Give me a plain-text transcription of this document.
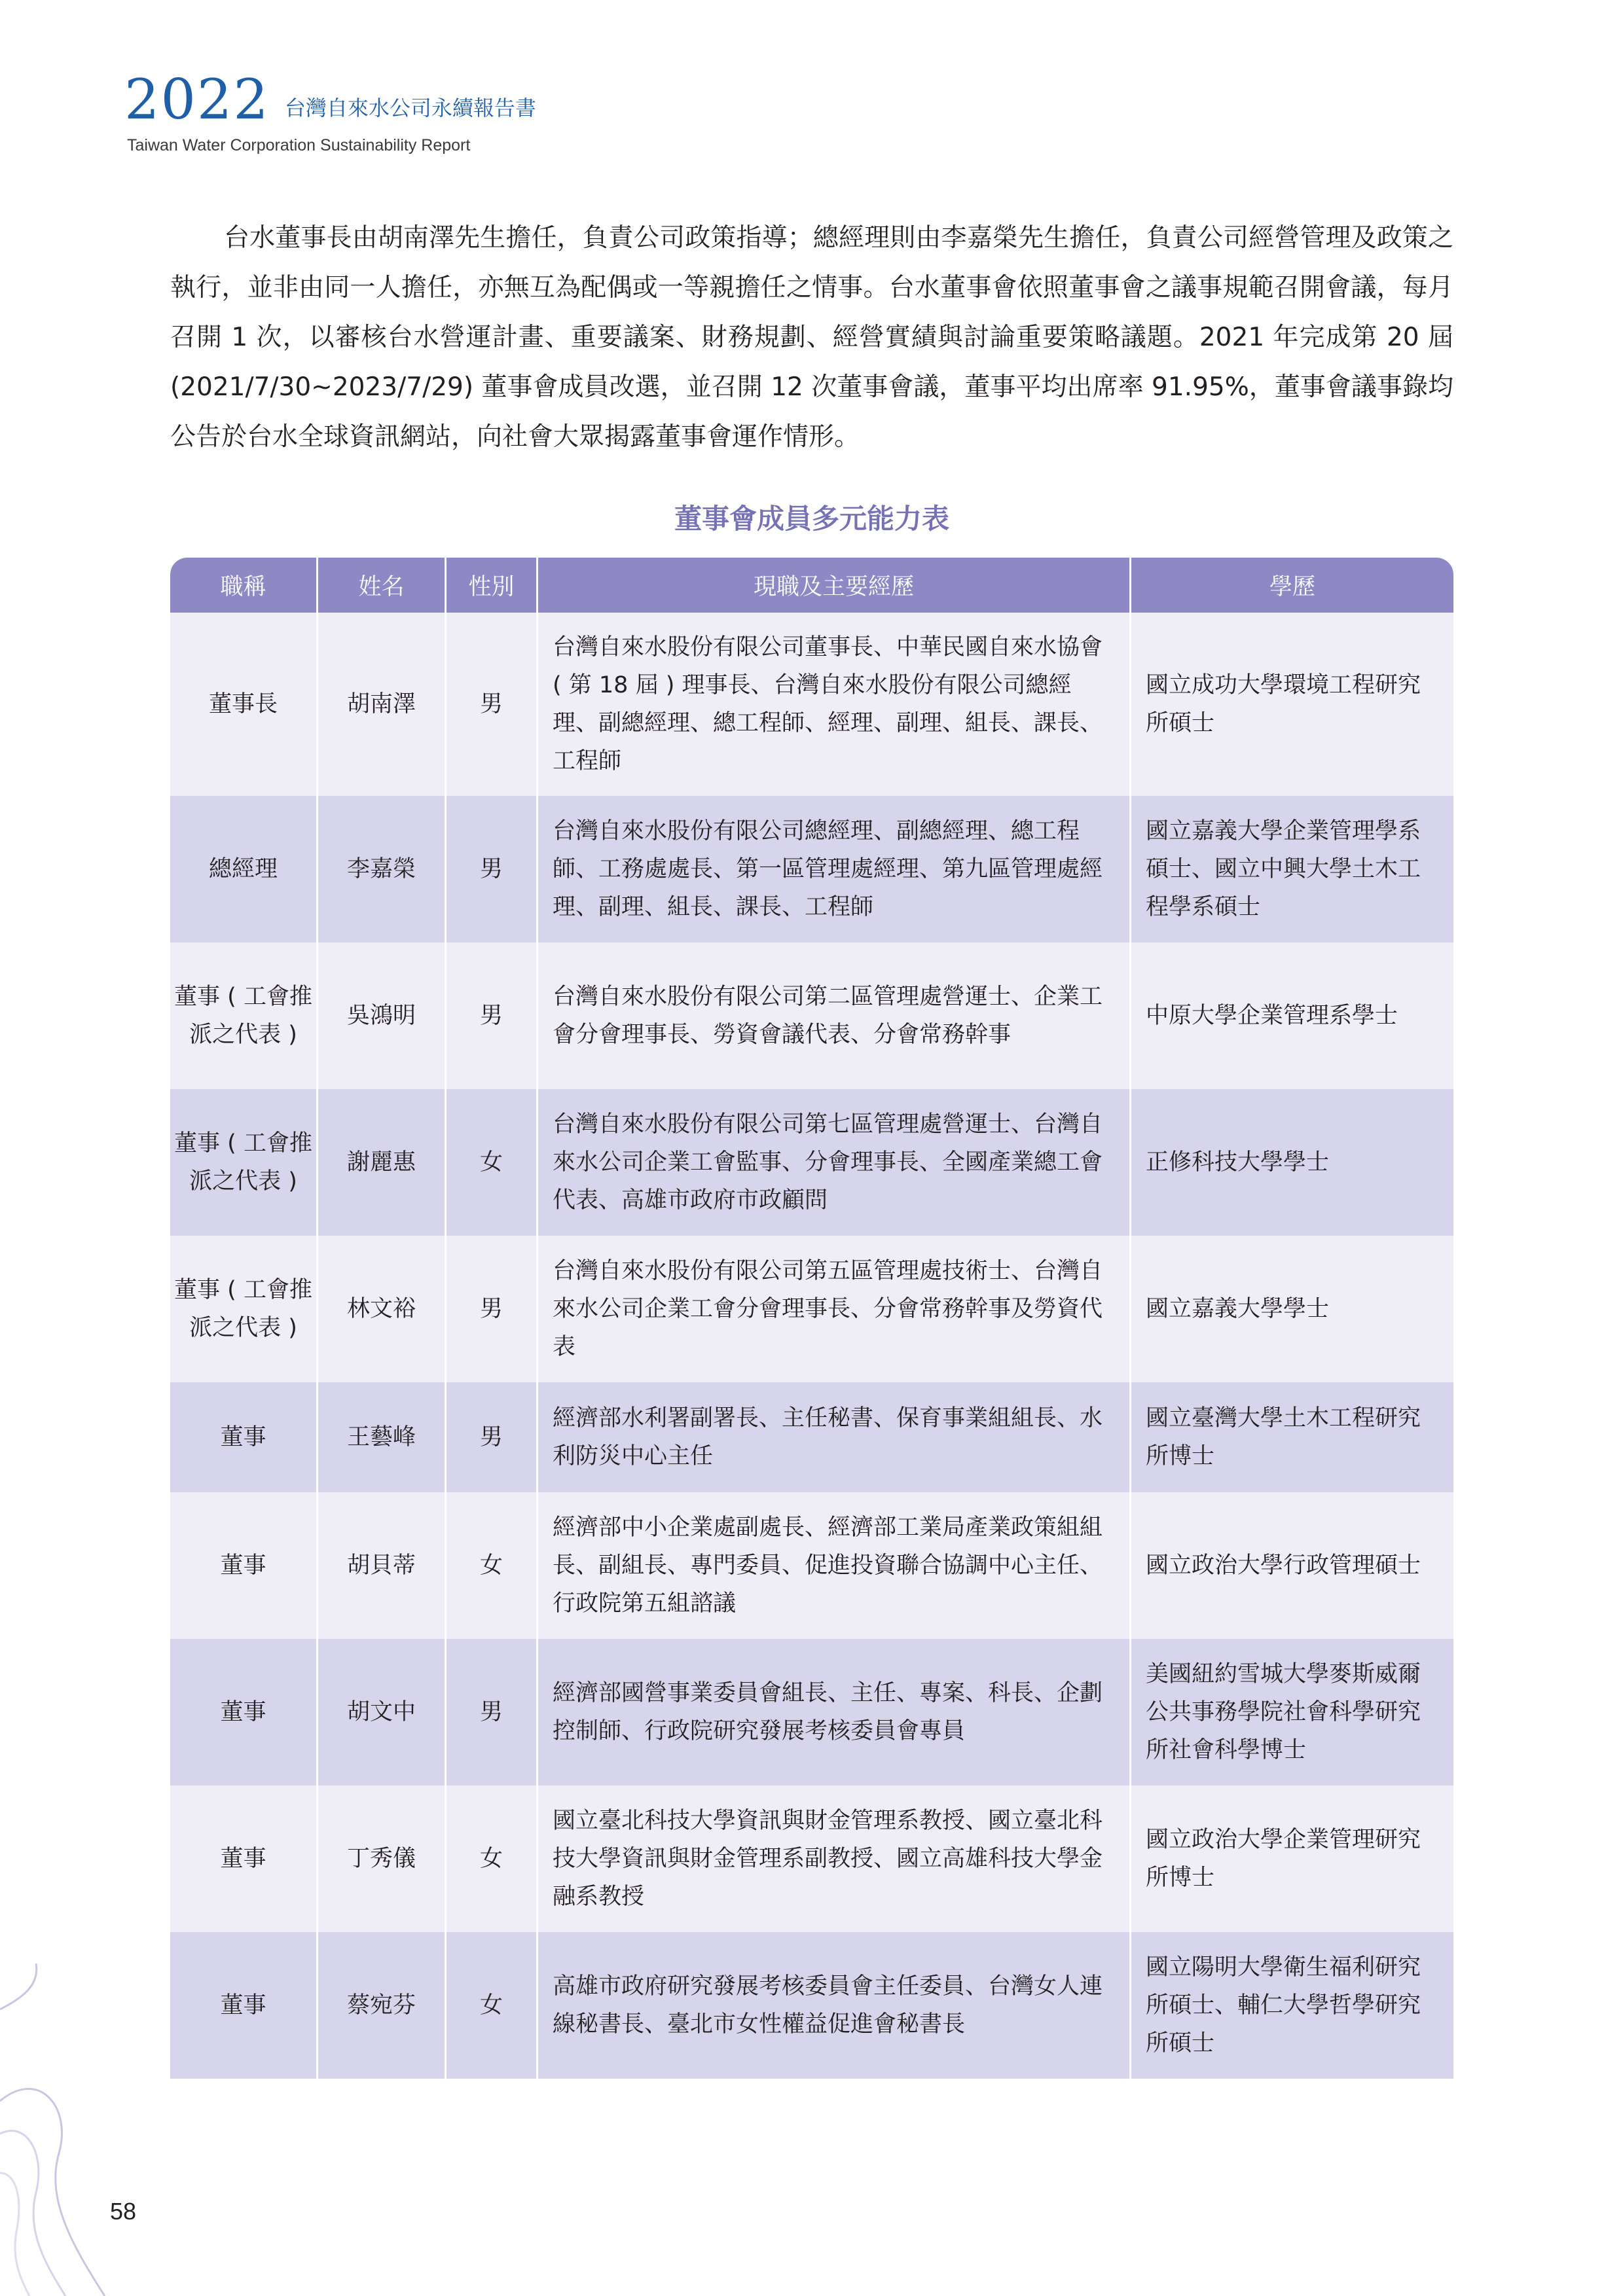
2022 台灣自來水公司永續報告書
Taiwan Water Corporation Sustainability Report

台水董事長由胡南澤先生擔任，負責公司政策指導；總經理則由李嘉榮先生擔任，負責公司經營管理及政策之執行，並非由同一人擔任，亦無互為配偶或一等親擔任之情事。台水董事會依照董事會之議事規範召開會議，每月召開 1 次，以審核台水營運計畫、重要議案、財務規劃、經營實績與討論重要策略議題。2021 年完成第 20 屆 (2021/7/30~2023/7/29) 董事會成員改選，並召開 12 次董事會議，董事平均出席率 91.95%，董事會議事錄均公告於台水全球資訊網站，向社會大眾揭露董事會運作情形。

董事會成員多元能力表
職稱	姓名	性別	現職及主要經歷	學歷
董事長	胡南澤	男	台灣自來水股份有限公司董事長、中華民國自來水協會 ( 第 18 屆 ) 理事長、台灣自來水股份有限公司總經理、副總經理、總工程師、經理、副理、組長、課長、工程師	國立成功大學環境工程研究所碩士
總經理	李嘉榮	男	台灣自來水股份有限公司總經理、副總經理、總工程師、工務處處長、第一區管理處經理、第九區管理處經理、副理、組長、課長、工程師	國立嘉義大學企業管理學系碩士、國立中興大學土木工程學系碩士
董事 ( 工會推派之代表 )	吳鴻明	男	台灣自來水股份有限公司第二區管理處營運士、企業工會分會理事長、勞資會議代表、分會常務幹事	中原大學企業管理系學士
董事 ( 工會推派之代表 )	謝麗惠	女	台灣自來水股份有限公司第七區管理處營運士、台灣自來水公司企業工會監事、分會理事長、全國產業總工會代表、高雄市政府市政顧問	正修科技大學學士
董事 ( 工會推派之代表 )	林文裕	男	台灣自來水股份有限公司第五區管理處技術士、台灣自來水公司企業工會分會理事長、分會常務幹事及勞資代表	國立嘉義大學學士
董事	王藝峰	男	經濟部水利署副署長、主任秘書、保育事業組組長、水利防災中心主任	國立臺灣大學土木工程研究所博士
董事	胡貝蒂	女	經濟部中小企業處副處長、經濟部工業局產業政策組組長、副組長、專門委員、促進投資聯合協調中心主任、行政院第五組諮議	國立政治大學行政管理碩士
董事	胡文中	男	經濟部國營事業委員會組長、主任、專案、科長、企劃控制師、行政院研究發展考核委員會專員	美國紐約雪城大學麥斯威爾公共事務學院社會科學研究所社會科學博士
董事	丁秀儀	女	國立臺北科技大學資訊與財金管理系教授、國立臺北科技大學資訊與財金管理系副教授、國立高雄科技大學金融系教授	國立政治大學企業管理研究所博士
董事	蔡宛芬	女	高雄市政府研究發展考核委員會主任委員、台灣女人連線秘書長、臺北市女性權益促進會秘書長	國立陽明大學衛生福利研究所碩士、輔仁大學哲學研究所碩士
58
